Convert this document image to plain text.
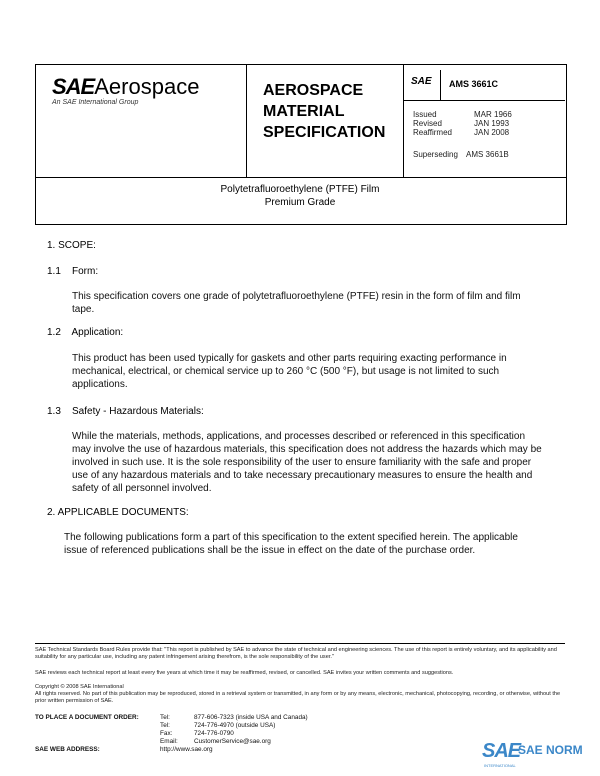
SAEAerospace
An SAE International Group
AEROSPACE
MATERIAL
SPECIFICATION
SAE AMS 3661C
Issued	MAR 1966
Revised	JAN 1993
Reaffirmed	JAN 2008
Superseding AMS 3661B
Polytetrafluoroethylene (PTFE) Film
Premium Grade
1. SCOPE:
1.1    Form:
This specification covers one grade of polytetrafluoroethylene (PTFE) resin in the form of film and film tape.
1.2    Application:
This product has been used typically for gaskets and other parts requiring exacting performance in mechanical, electrical, or chemical service up to 260 °C (500 °F), but usage is not limited to such applications.
1.3    Safety - Hazardous Materials:
While the materials, methods, applications, and processes described or referenced in this specification may involve the use of hazardous materials, this specification does not address the hazards which may be involved in such use. It is the sole responsibility of the user to ensure familiarity with the safe and proper use of any hazardous materials and to take necessary precautionary measures to ensure the health and safety of all personnel involved.
2. APPLICABLE DOCUMENTS:
The following publications form a part of this specification to the extent specified herein. The applicable issue of referenced publications shall be the issue in effect on the date of the purchase order.
SAE Technical Standards Board Rules provide that: "This report is published by SAE to advance the state of technical and engineering sciences. The use of this report is entirely voluntary, and its applicability and suitability for any particular use, including any patent infringement arising therefrom, is the sole responsibility of the user."
SAE reviews each technical report at least every five years at which time it may be reaffirmed, revised, or cancelled. SAE invites your written comments and suggestions.
Copyright © 2008 SAE International
All rights reserved. No part of this publication may be reproduced, stored in a retrieval system or transmitted, in any form or by any means, electronic, mechanical, photocopying, recording, or otherwise, without the prior written permission of SAE.
TO PLACE A DOCUMENT ORDER:	Tel:	877-606-7323 (inside USA and Canada)
Tel:	724-776-4970 (outside USA)
Fax:	724-776-0790
Email:	CustomerService@sae.org
SAE WEB ADDRESS:	http://www.sae.org	SAE
SAE NORM
INTERNATIONAL
